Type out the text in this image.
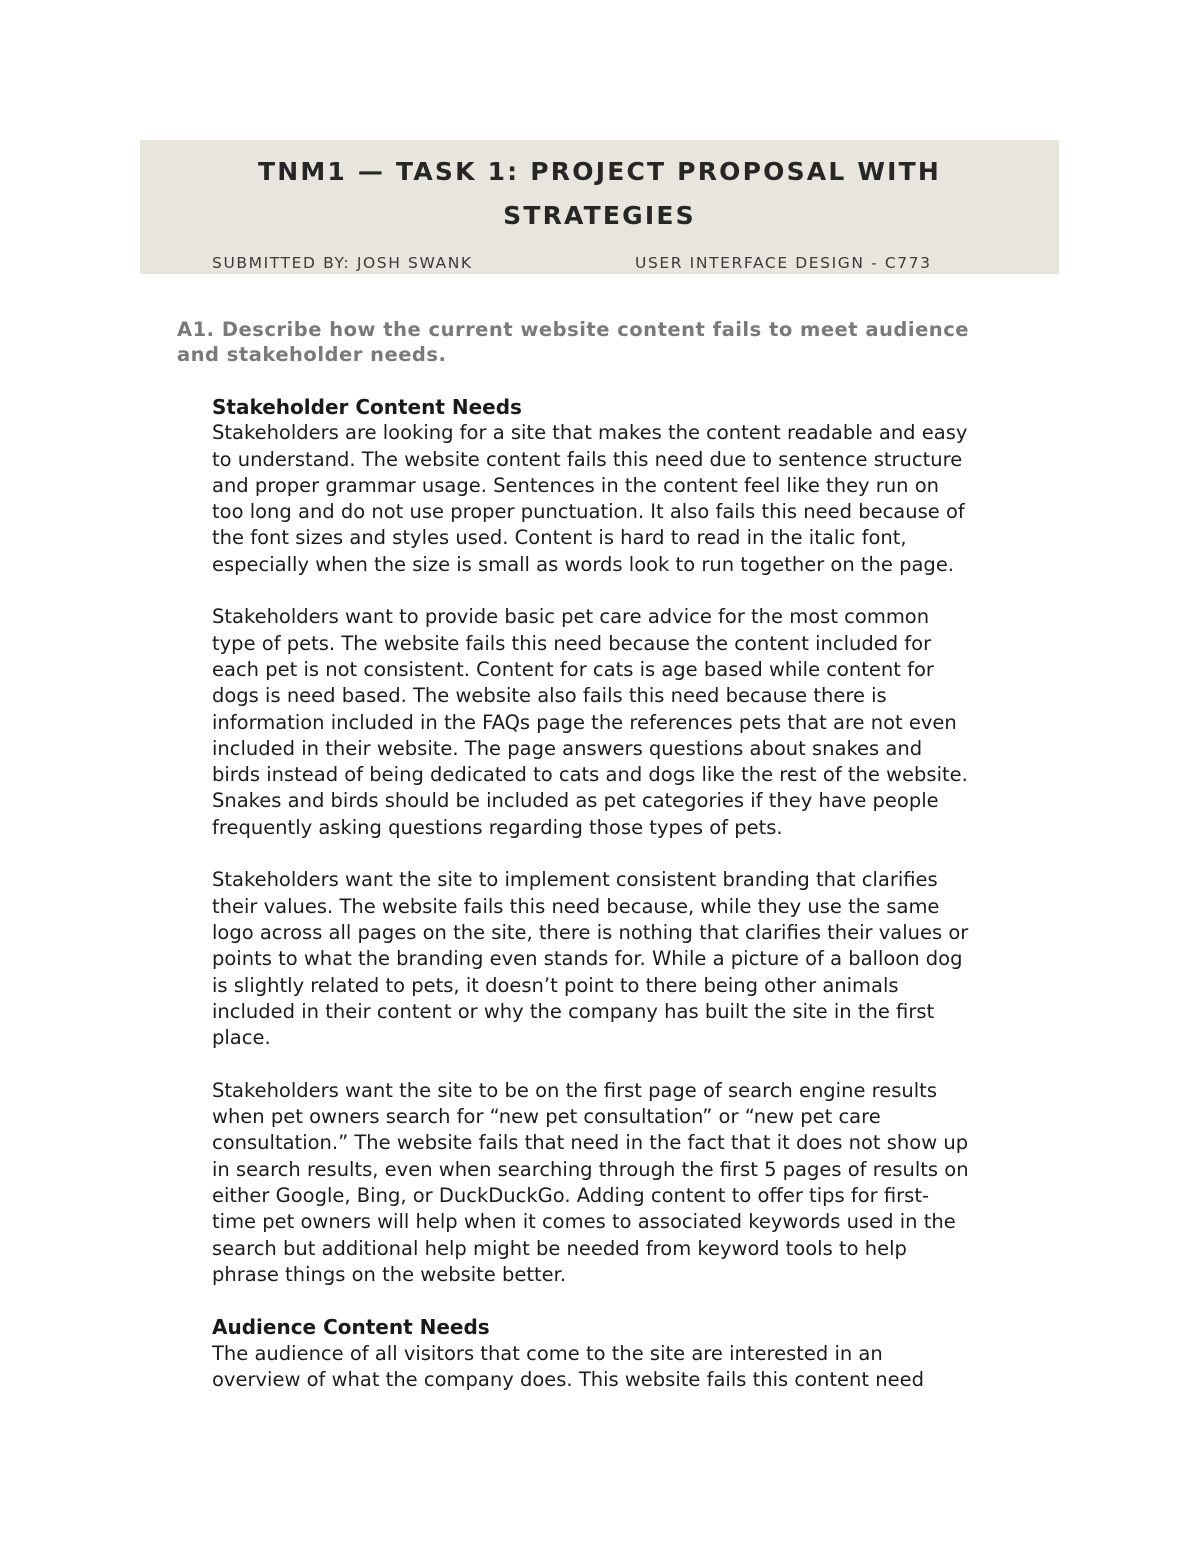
TNM1 — TASK 1: PROJECT PROPOSAL WITH
STRATEGIES
SUBMITTED BY: JOSH SWANK	USER INTERFACE DESIGN - C773
A1. Describe how the current website content fails to meet audience
and stakeholder needs.
Stakeholder Content Needs
Stakeholders are looking for a site that makes the content readable and easy
to understand. The website content fails this need due to sentence structure
and proper grammar usage. Sentences in the content feel like they run on
too long and do not use proper punctuation. It also fails this need because of
the font sizes and styles used. Content is hard to read in the italic font,
especially when the size is small as words look to run together on the page.
Stakeholders want to provide basic pet care advice for the most common
type of pets. The website fails this need because the content included for
each pet is not consistent. Content for cats is age based while content for
dogs is need based. The website also fails this need because there is
information included in the FAQs page the references pets that are not even
included in their website. The page answers questions about snakes and
birds instead of being dedicated to cats and dogs like the rest of the website.
Snakes and birds should be included as pet categories if they have people
frequently asking questions regarding those types of pets.
Stakeholders want the site to implement consistent branding that clarifies
their values. The website fails this need because, while they use the same
logo across all pages on the site, there is nothing that clarifies their values or
points to what the branding even stands for. While a picture of a balloon dog
is slightly related to pets, it doesn’t point to there being other animals
included in their content or why the company has built the site in the first
place.
Stakeholders want the site to be on the first page of search engine results
when pet owners search for “new pet consultation” or “new pet care
consultation.” The website fails that need in the fact that it does not show up
in search results, even when searching through the first 5 pages of results on
either Google, Bing, or DuckDuckGo. Adding content to offer tips for first-
time pet owners will help when it comes to associated keywords used in the
search but additional help might be needed from keyword tools to help
phrase things on the website better.
Audience Content Needs
The audience of all visitors that come to the site are interested in an
overview of what the company does. This website fails this content need
